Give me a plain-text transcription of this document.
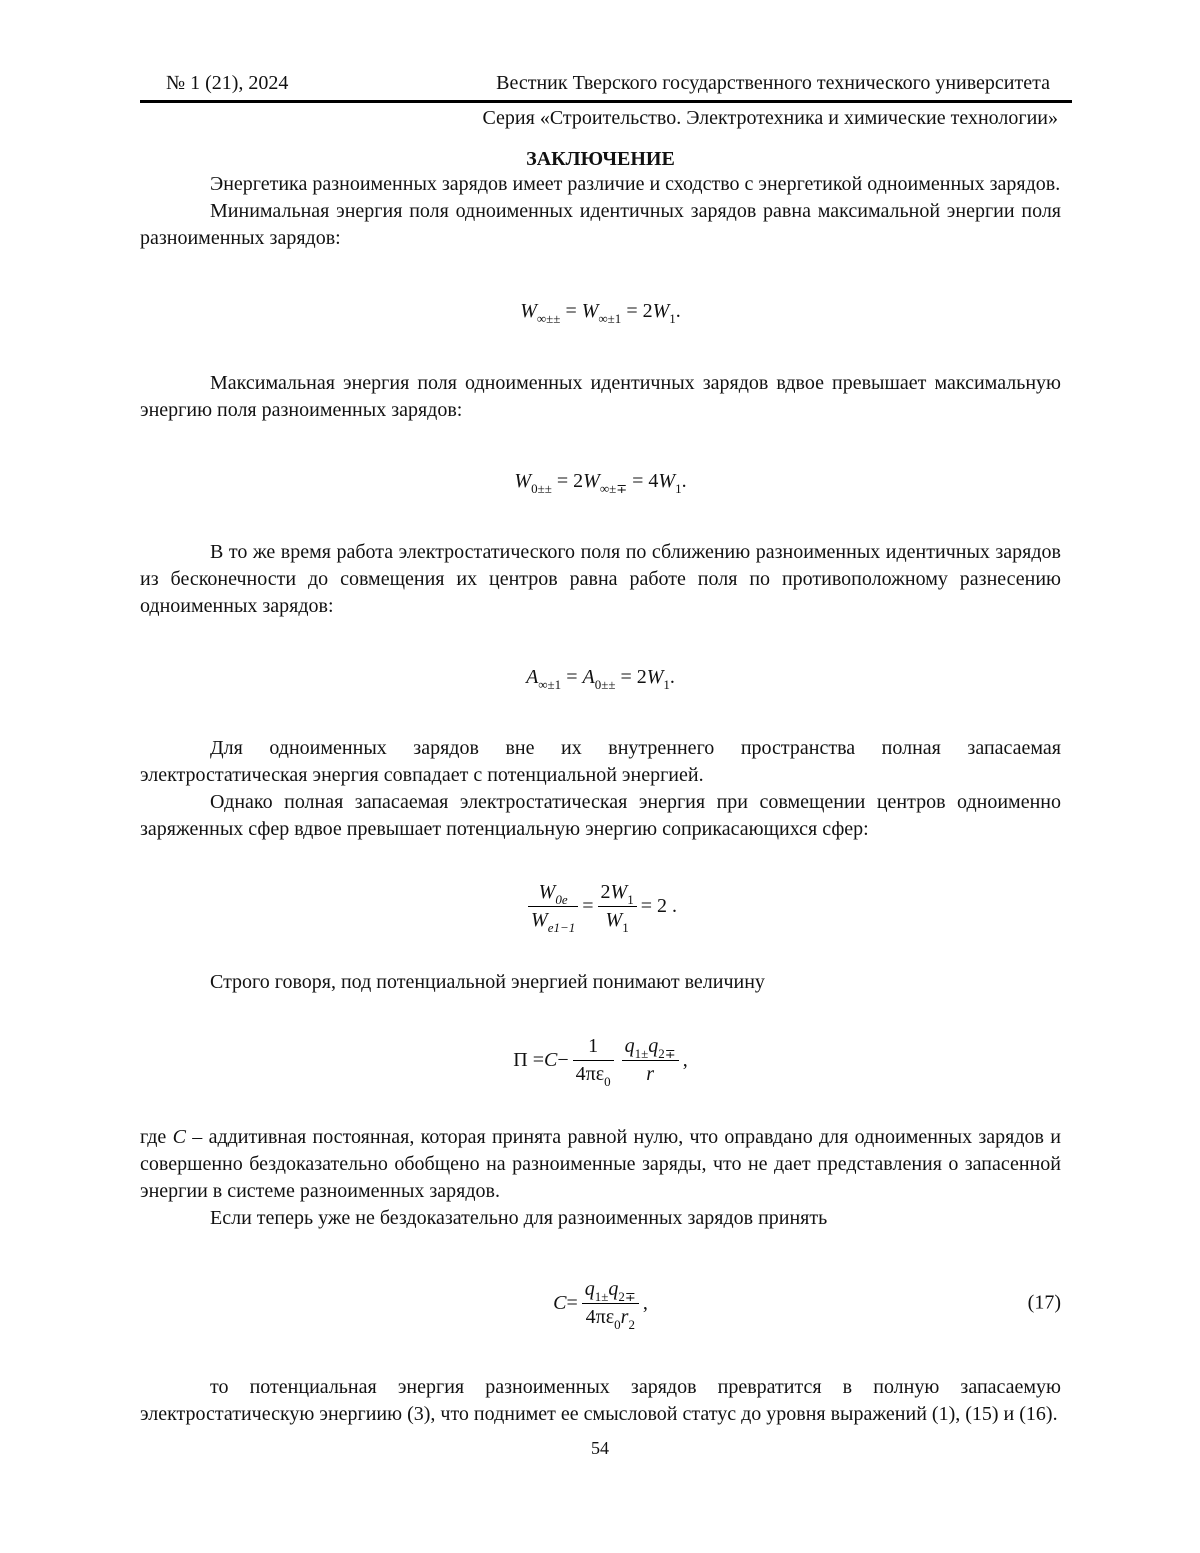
№ 1 (21), 2024	Вестник Тверского государственного технического университета
Серия «Строительство. Электротехника и химические технологии»
ЗАКЛЮЧЕНИЕ

Энергетика разноименных зарядов имеет различие и сходство с энергетикой одноименных зарядов.

Минимальная энергия поля одноименных идентичных зарядов равна максимальной энергии поля разноименных зарядов:

W∞±± = W∞±1 = 2W1.

Максимальная энергия поля одноименных идентичных зарядов вдвое превышает максимальную энергию поля разноименных зарядов:

W0±± = 2W∞±∓ = 4W1.

В то же время работа электростатического поля по сближению разноименных идентичных зарядов из бесконечности до совмещения их центров равна работе поля по противоположному разнесению одноименных зарядов:

A∞±1 = A0±± = 2W1.

Для одноименных зарядов вне их внутреннего пространства полная запасаемая электростатическая энергия совпадает с потенциальной энергией.

Однако полная запасаемая электростатическая энергия при совмещении центров одноименно заряженных сфер вдвое превышает потенциальную энергию соприкасающихся сфер:

W0e
We1−1
=
2W1
W1
= 2
.

Строго говоря, под потенциальной энергией понимают величину

Π = C −
1
4πε0
q1±q2∓
r
,

где C – аддитивная постоянная, которая принята равной нулю, что оправдано для одноименных зарядов и совершенно бездоказательно обобщено на разноименные заряды, что не дает представления о запасенной энергии в системе разноименных зарядов.

Если теперь уже не бездоказательно для разноименных зарядов принять

C =
q1±q2∓
4πε0r2
,	(17)

то потенциальная энергия разноименных зарядов превратится в полную запасаемую электростатическую энергиию (3), что поднимет ее смысловой статус до уровня выражений (1), (15) и (16).

54
